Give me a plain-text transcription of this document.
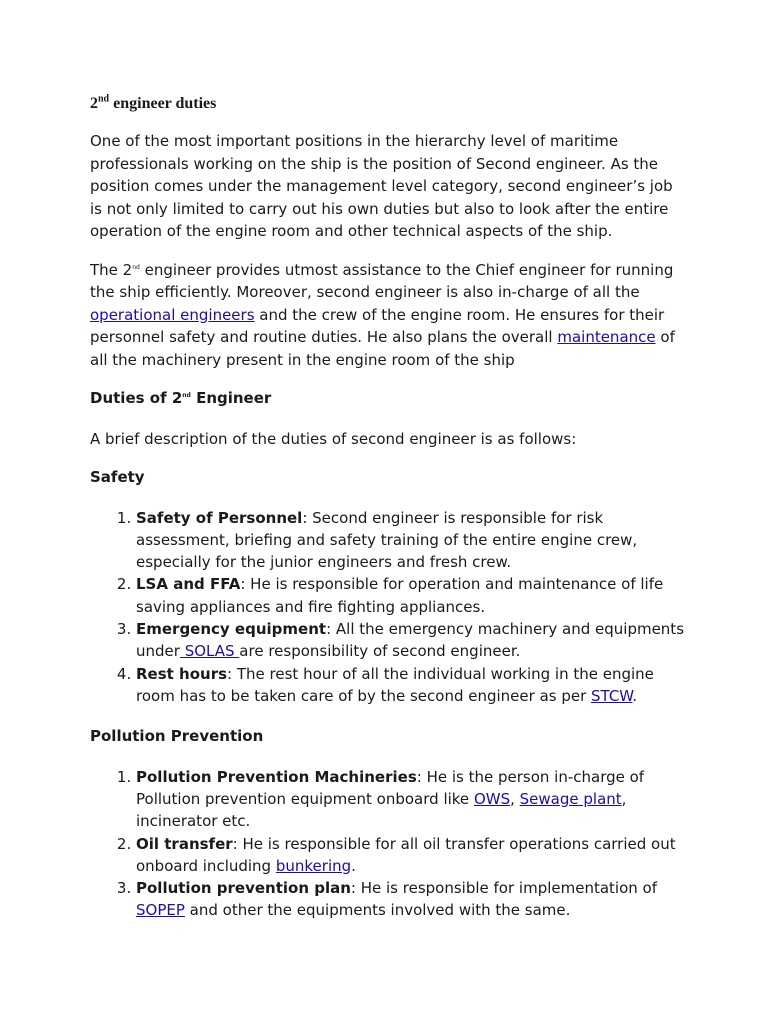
2nd engineer duties

One of the most important positions in the hierarchy level of maritime professionals working on the ship is the position of Second engineer. As the position comes under the management level category, second engineer’s job is not only limited to carry out his own duties but also to look after the entire operation of the engine room and other technical aspects of the ship.

The 2nd engineer provides utmost assistance to the Chief engineer for running the ship efficiently. Moreover, second engineer is also in-charge of all the operational engineers and the crew of the engine room. He ensures for their personnel safety and routine duties. He also plans the overall maintenance of all the machinery present in the engine room of the ship

Duties of 2nd Engineer

A brief description of the duties of second engineer is as follows:

Safety
1. Safety of Personnel: Second engineer is responsible for risk assessment, briefing and safety training of the entire engine crew, especially for the junior engineers and fresh crew.
2. LSA and FFA: He is responsible for operation and maintenance of life saving appliances and fire fighting appliances.
3. Emergency equipment: All the emergency machinery and equipments under SOLAS are responsibility of second engineer.
4. Rest hours: The rest hour of all the individual working in the engine room has to be taken care of by the second engineer as per STCW.
Pollution Prevention
1. Pollution Prevention Machineries: He is the person in-charge of Pollution prevention equipment onboard like OWS, Sewage plant, incinerator etc.
2. Oil transfer: He is responsible for all oil transfer operations carried out onboard including bunkering.
3. Pollution prevention plan: He is responsible for implementation of SOPEP and other the equipments involved with the same.
